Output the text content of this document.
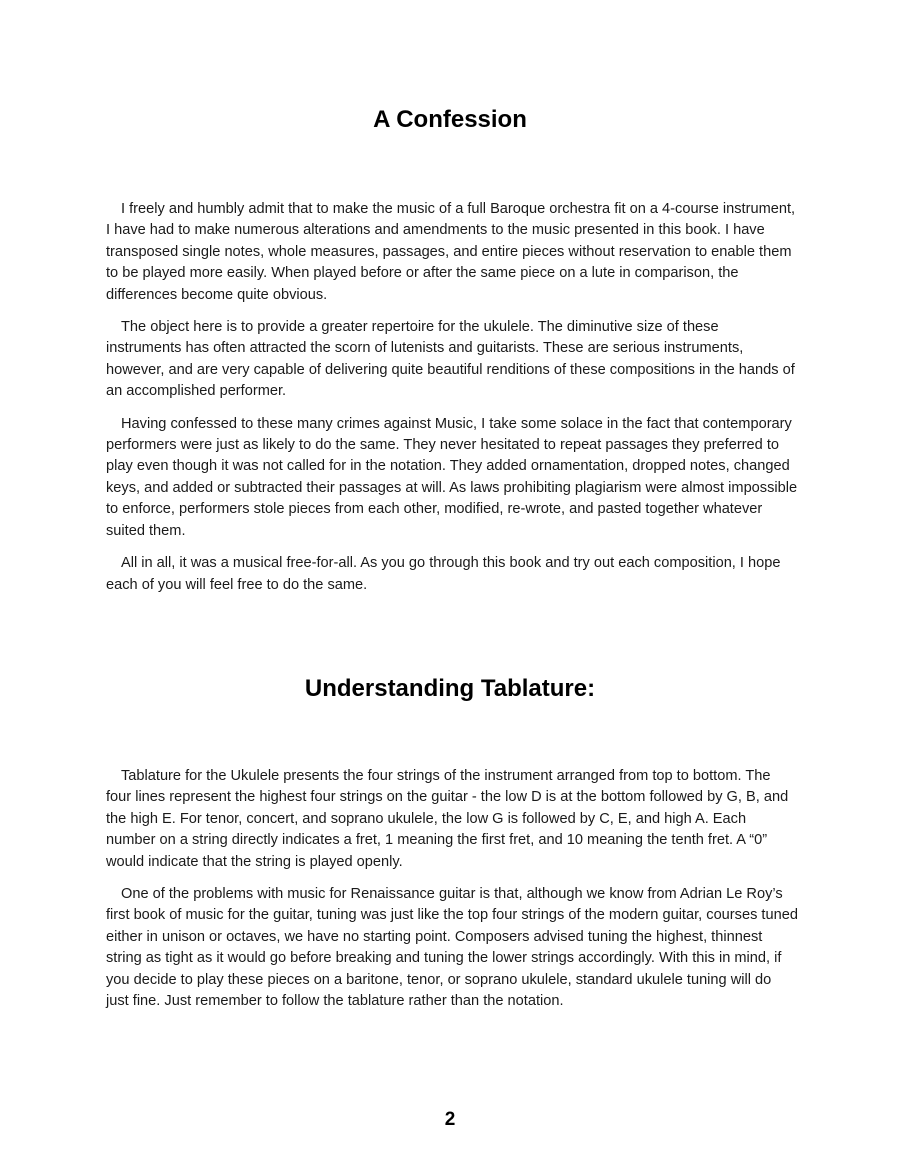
A Confession

I freely and humbly admit that to make the music of a full Baroque orchestra fit on a 4-course instrument, I have had to make numerous alterations and amendments to the music presented in this book. I have transposed single notes, whole measures, passages, and entire pieces without reservation to enable them to be played more easily. When played before or after the same piece on a lute in comparison, the differences become quite obvious.

The object here is to provide a greater repertoire for the ukulele. The diminutive size of these instruments has often attracted the scorn of lutenists and guitarists. These are serious instruments, however, and are very capable of delivering quite beautiful renditions of these compositions in the hands of an accomplished performer.

Having confessed to these many crimes against Music, I take some solace in the fact that contemporary performers were just as likely to do the same. They never hesitated to repeat passages they preferred to play even though it was not called for in the notation. They added ornamentation, dropped notes, changed keys, and added or subtracted their passages at will. As laws prohibiting plagiarism were almost impossible to enforce, performers stole pieces from each other, modified, re-wrote, and pasted together whatever suited them.

All in all, it was a musical free-for-all. As you go through this book and try out each composition, I hope each of you will feel free to do the same.

Understanding Tablature:

Tablature for the Ukulele presents the four strings of the instrument arranged from top to bottom. The four lines represent the highest four strings on the guitar - the low D is at the bottom followed by G, B, and the high E. For tenor, concert, and soprano ukulele, the low G is followed by C, E, and high A. Each number on a string directly indicates a fret, 1 meaning the first fret, and 10 meaning the tenth fret. A “0” would indicate that the string is played openly.

One of the problems with music for Renaissance guitar is that, although we know from Adrian Le Roy’s first book of music for the guitar, tuning was just like the top four strings of the modern guitar, courses tuned either in unison or octaves, we have no starting point. Composers advised tuning the highest, thinnest string as tight as it would go before breaking and tuning the lower strings accordingly. With this in mind, if you decide to play these pieces on a baritone, tenor, or soprano ukulele, standard ukulele tuning will do just fine. Just remember to follow the tablature rather than the notation.

2
